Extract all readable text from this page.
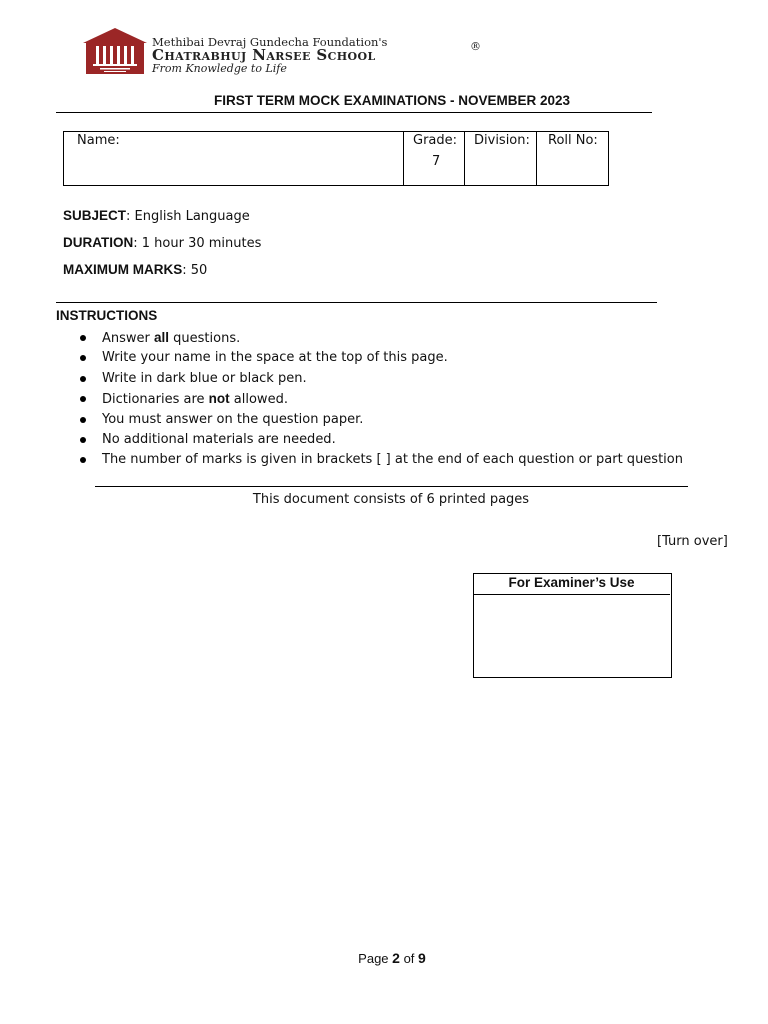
Methibai Devraj Gundecha Foundation's
Chatrabhuj Narsee School	®
From Knowledge to Life
FIRST TERM MOCK EXAMINATIONS - NOVEMBER 2023
Name:	Grade:
7
Division: Roll No:
SUBJECT: English Language
DURATION: 1 hour 30 minutes
MAXIMUM MARKS: 50
INSTRUCTIONS
Answer all questions.
Write your name in the space at the top of this page.
Write in dark blue or black pen.
Dictionaries are not allowed.
You must answer on the question paper.
No additional materials are needed.
The number of marks is given in brackets [ ] at the end of each question or part question
This document consists of 6 printed pages
[Turn over]
For Examiner’s Use
Page 2 of 9
